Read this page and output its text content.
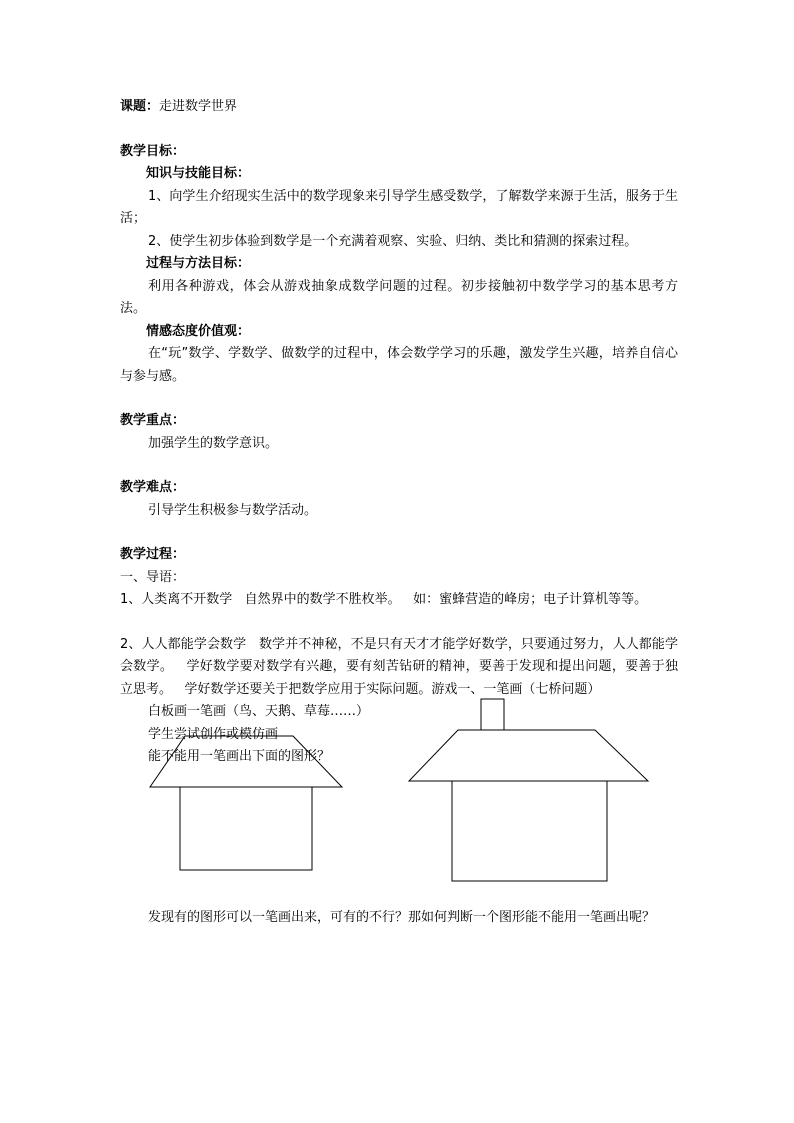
课题：走进数学世界

教学目标：

知识与技能目标：

1、向学生介绍现实生活中的数学现象来引导学生感受数学，了解数学来源于生活，服务于生活；

2、使学生初步体验到数学是一个充满着观察、实验、归纳、类比和猜测的探索过程。

过程与方法目标：

利用各种游戏，体会从游戏抽象成数学问题的过程。初步接触初中数学学习的基本思考方法。

情感态度价值观：

在“玩”数学、学数学、做数学的过程中，体会数学学习的乐趣，激发学生兴趣，培养自信心与参与感。

教学重点：

加强学生的数学意识。

教学难点：

引导学生积极参与数学活动。

教学过程：

一、导语：

1、人类离不开数学   自然界中的数学不胜枚举。   如：蜜蜂营造的峰房；电子计算机等等。

2、人人都能学会数学   数学并不神秘，不是只有天才才能学好数学，只要通过努力，人人都能学会数学。   学好数学要对数学有兴趣，要有刻苦钻研的精神，要善于发现和提出问题，要善于独立思考。   学好数学还要关于把数学应用于实际问题。游戏一、一笔画（七桥问题）

白板画一笔画（鸟、天鹅、草莓……）

学生尝试创作或模仿画

能不能用一笔画出下面的图形？

发现有的图形可以一笔画出来，可有的不行？那如何判断一个图形能不能用一笔画出呢？
